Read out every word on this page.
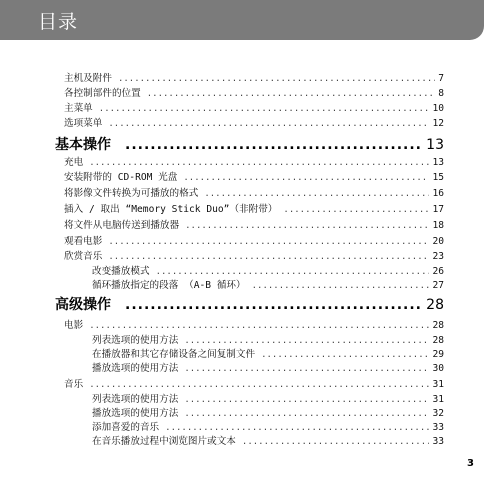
目录
主机及附件 .....	7
各控制部件的位置 .....	8
主菜单 .....	10
选项菜单 .....	12
基本操作 .....	13
充电 .....	13
安装附带的 CD-ROM 光盘 .....	15
将影像文件转换为可播放的格式 .....	16
插入 / 取出 “Memory Stick Duo”（非附带） .....	17
将文件从电脑传送到播放器 .....	18
观看电影 .....	20
欣赏音乐 .....	23
改变播放模式 .....	26
循环播放指定的段落 （A-B 循环） .....	27
高级操作 .....	28
电影 .....	28
列表选项的使用方法 .....	28
在播放器和其它存储设备之间复制文件 .....	29
播放选项的使用方法 .....	30
音乐 .....	31
列表选项的使用方法 .....	31
播放选项的使用方法 .....	32
添加喜爱的音乐 .....	33
在音乐播放过程中浏览图片或文本 .....	33
3
